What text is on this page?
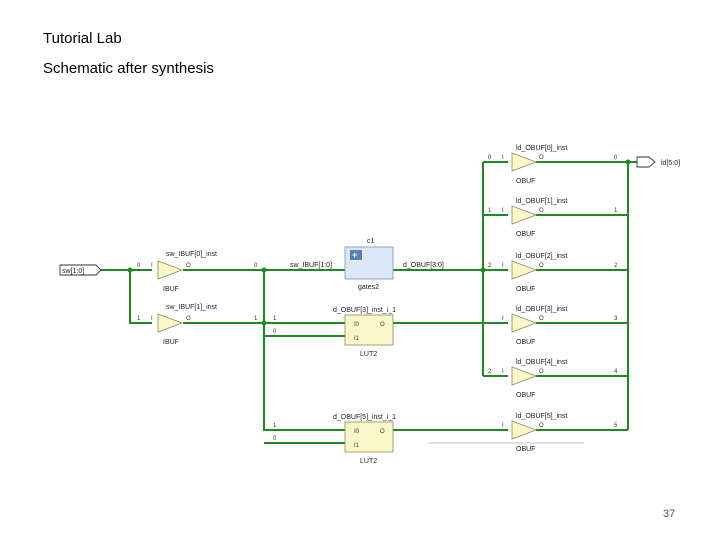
Tutorial Lab
Schematic after synthesis
sw[1:0]
ld[5:0]
sw_IBUF[0]_inst
0 I	O
IBUF
sw_IBUF[1]_inst
1 I	O
IBUF
0
1
sw_IBUF[1:0]	d_OBUF[3:0]
c1
+
gates2
d_OBUF[3]_inst_i_1
1
0
I0
I1
O
LUT2
d_OBUF[5]_inst_i_1
1
0
I0
I1
O
LUT2
ld_OBUF[0]_inst
0 I	O	0
OBUF
ld_OBUF[1]_inst
1 I	O	1
OBUF
ld_OBUF[2]_inst
2 I	O	2
OBUF
ld_OBUF[3]_inst
I	O	3
OBUF
ld_OBUF[4]_inst
2 I	O	4
OBUF
ld_OBUF[5]_inst
I	O	5
OBUF
37
